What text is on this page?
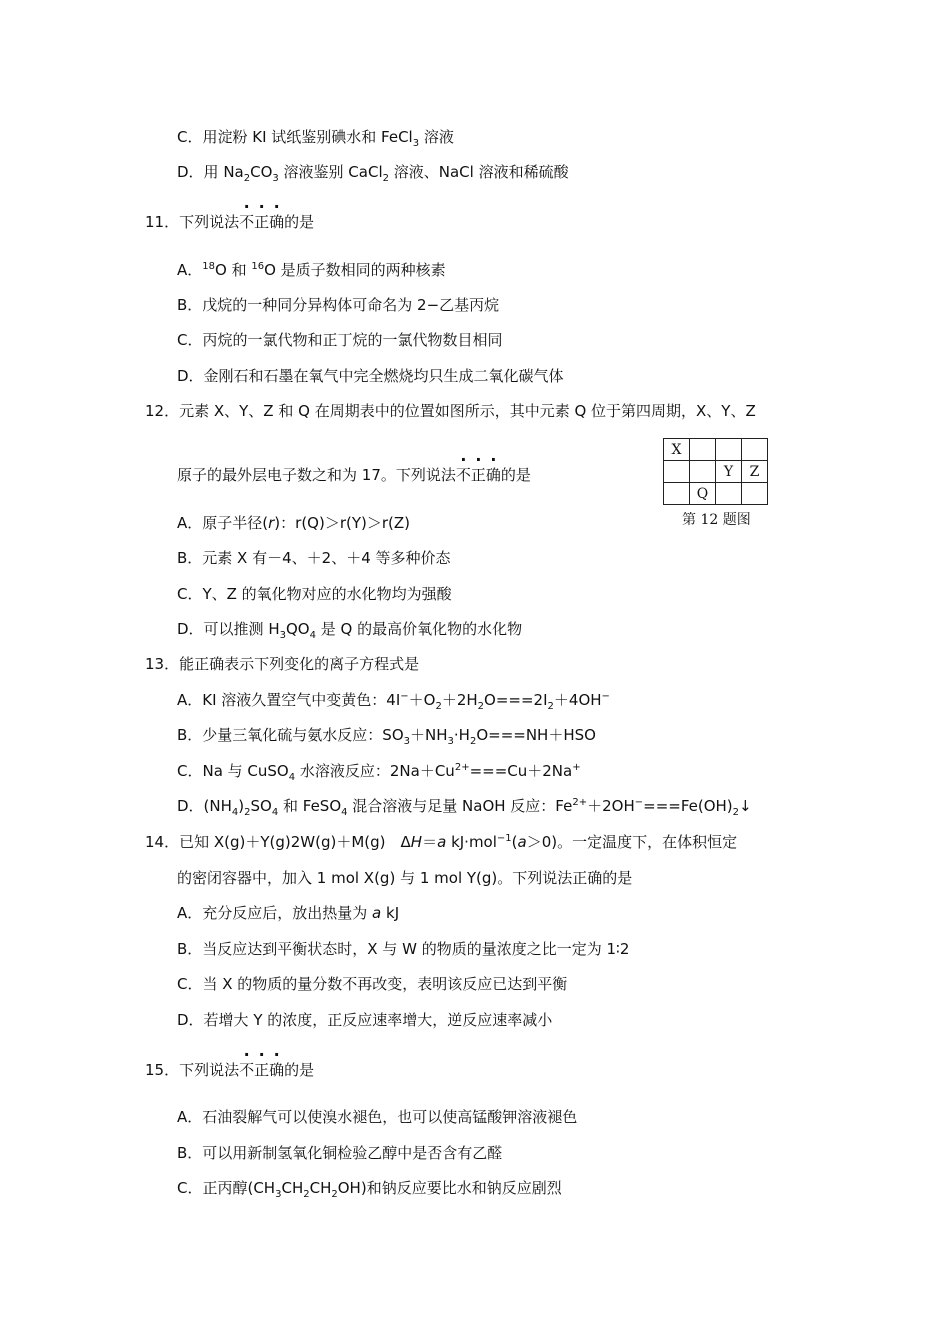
C．用淀粉 KI 试纸鉴别碘水和 FeCl$_3$ 溶液
D．用 $Na_2CO_3$ 溶液鉴别 CaCl$_2$ 溶液、NaCl 溶液和稀硫酸
11．下列说法不正确的是
A．$^{18}$O 和 $^{16}$O 是质子数相同的两种核素
B．戊烷的一种同分异构体可命名为 2−乙基丙烷
C．丙烷的一氯代物和正丁烷的一氯代物数目相同
D．金刚石和石墨在氧气中完全燃烧均只生成二氧化碳气体
12．元素 X、Y、Z 和 Q 在周期表中的位置如图所示，其中元素 Q 位于第四周期，X、Y、Z
原子的最外层电子数之和为 17。下列说法不正确的是
X			
		Y	Z
	Q		
第 12 题图
A．原子半径(r)：r(Q)＞r(Y)＞r(Z)
B．元素 X 有－4、＋2、＋4 等多种价态
C．Y、Z 的氧化物对应的水化物均为强酸
D．可以推测 $H_3QO_4$ 是 Q 的最高价氧化物的水化物
13．能正确表示下列变化的离子方程式是
A．KI 溶液久置空气中变黄色：$4I^-+O_2+2H_2O===2I_2+4OH^-$
B．少量三氧化硫与氨水反应：$SO_3+NH_3\cdot H_2O===NH+HSO$
C．Na 与 CuSO$_4$ 水溶液反应：$2Na+Cu^{2+}===Cu+2Na^+$
D．$(NH_4)_2SO_4$ 和 FeSO$_4$ 混合溶液与足量 NaOH 反应：$Fe^{2+}+2OH^-===Fe(OH)_2↓$
14．已知 X(g)＋Y(g)2W(g)＋M(g)　ΔH＝a kJ·mol$^{-1}$(a＞0)。一定温度下，在体积恒定
的密闭容器中，加入 1 mol X(g) 与 1 mol Y(g)。下列说法正确的是
A．充分反应后，放出热量为 a kJ
B．当反应达到平衡状态时，X 与 W 的物质的量浓度之比一定为 1∶2
C．当 X 的物质的量分数不再改变，表明该反应已达到平衡
D．若增大 Y 的浓度，正反应速率增大，逆反应速率减小
15．下列说法不正确的是
A．石油裂解气可以使溴水褪色，也可以使高锰酸钾溶液褪色
B．可以用新制氢氧化铜检验乙醇中是否含有乙醛
C．正丙醇$(CH_3CH_2CH_2OH)$和钠反应要比水和钠反应剧烈
